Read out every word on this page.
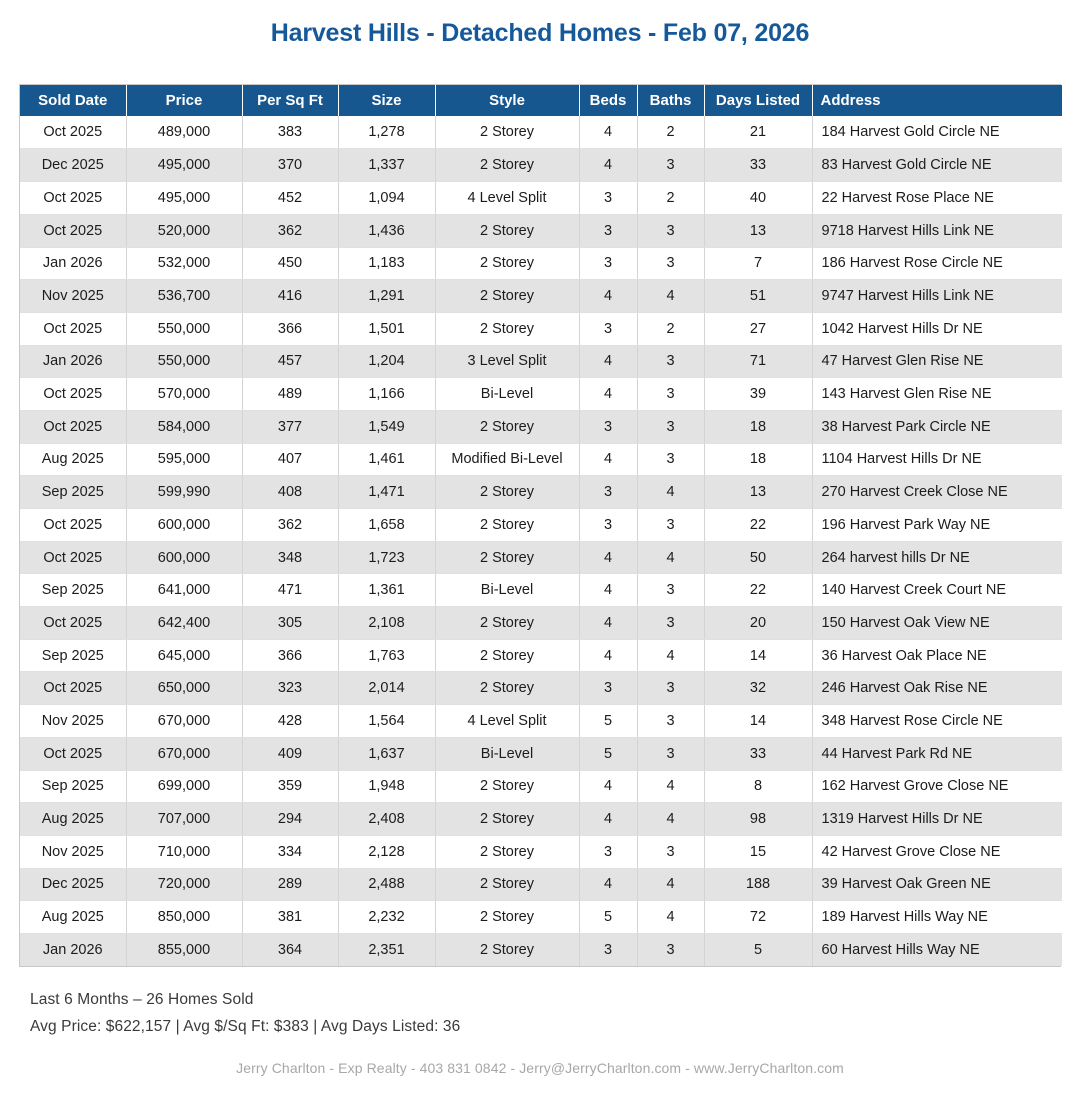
Harvest Hills - Detached Homes - Feb 07, 2026
Sold Date	Price	Per Sq Ft	Size	Style	Beds	Baths	Days Listed	Address
Oct 2025	489,000	383	1,278	2 Storey	4	2	21	184 Harvest Gold Circle NE
Dec 2025	495,000	370	1,337	2 Storey	4	3	33	83 Harvest Gold Circle NE
Oct 2025	495,000	452	1,094	4 Level Split	3	2	40	22 Harvest Rose Place NE
Oct 2025	520,000	362	1,436	2 Storey	3	3	13	9718 Harvest Hills Link NE
Jan 2026	532,000	450	1,183	2 Storey	3	3	7	186 Harvest Rose Circle NE
Nov 2025	536,700	416	1,291	2 Storey	4	4	51	9747 Harvest Hills Link NE
Oct 2025	550,000	366	1,501	2 Storey	3	2	27	1042 Harvest Hills Dr NE
Jan 2026	550,000	457	1,204	3 Level Split	4	3	71	47 Harvest Glen Rise NE
Oct 2025	570,000	489	1,166	Bi-Level	4	3	39	143 Harvest Glen Rise NE
Oct 2025	584,000	377	1,549	2 Storey	3	3	18	38 Harvest Park Circle NE
Aug 2025	595,000	407	1,461	Modified Bi-Level	4	3	18	1104 Harvest Hills Dr NE
Sep 2025	599,990	408	1,471	2 Storey	3	4	13	270 Harvest Creek Close NE
Oct 2025	600,000	362	1,658	2 Storey	3	3	22	196 Harvest Park Way NE
Oct 2025	600,000	348	1,723	2 Storey	4	4	50	264 harvest hills Dr NE
Sep 2025	641,000	471	1,361	Bi-Level	4	3	22	140 Harvest Creek Court NE
Oct 2025	642,400	305	2,108	2 Storey	4	3	20	150 Harvest Oak View NE
Sep 2025	645,000	366	1,763	2 Storey	4	4	14	36 Harvest Oak Place NE
Oct 2025	650,000	323	2,014	2 Storey	3	3	32	246 Harvest Oak Rise NE
Nov 2025	670,000	428	1,564	4 Level Split	5	3	14	348 Harvest Rose Circle NE
Oct 2025	670,000	409	1,637	Bi-Level	5	3	33	44 Harvest Park Rd NE
Sep 2025	699,000	359	1,948	2 Storey	4	4	8	162 Harvest Grove Close NE
Aug 2025	707,000	294	2,408	2 Storey	4	4	98	1319 Harvest Hills Dr NE
Nov 2025	710,000	334	2,128	2 Storey	3	3	15	42 Harvest Grove Close NE
Dec 2025	720,000	289	2,488	2 Storey	4	4	188	39 Harvest Oak Green NE
Aug 2025	850,000	381	2,232	2 Storey	5	4	72	189 Harvest Hills Way NE
Jan 2026	855,000	364	2,351	2 Storey	3	3	5	60 Harvest Hills Way NE
Last 6 Months – 26 Homes Sold
Avg Price: $622,157 | Avg $/Sq Ft: $383 | Avg Days Listed: 36
Jerry Charlton - Exp Realty - 403 831 0842 - Jerry@JerryCharlton.com - www.JerryCharlton.com
